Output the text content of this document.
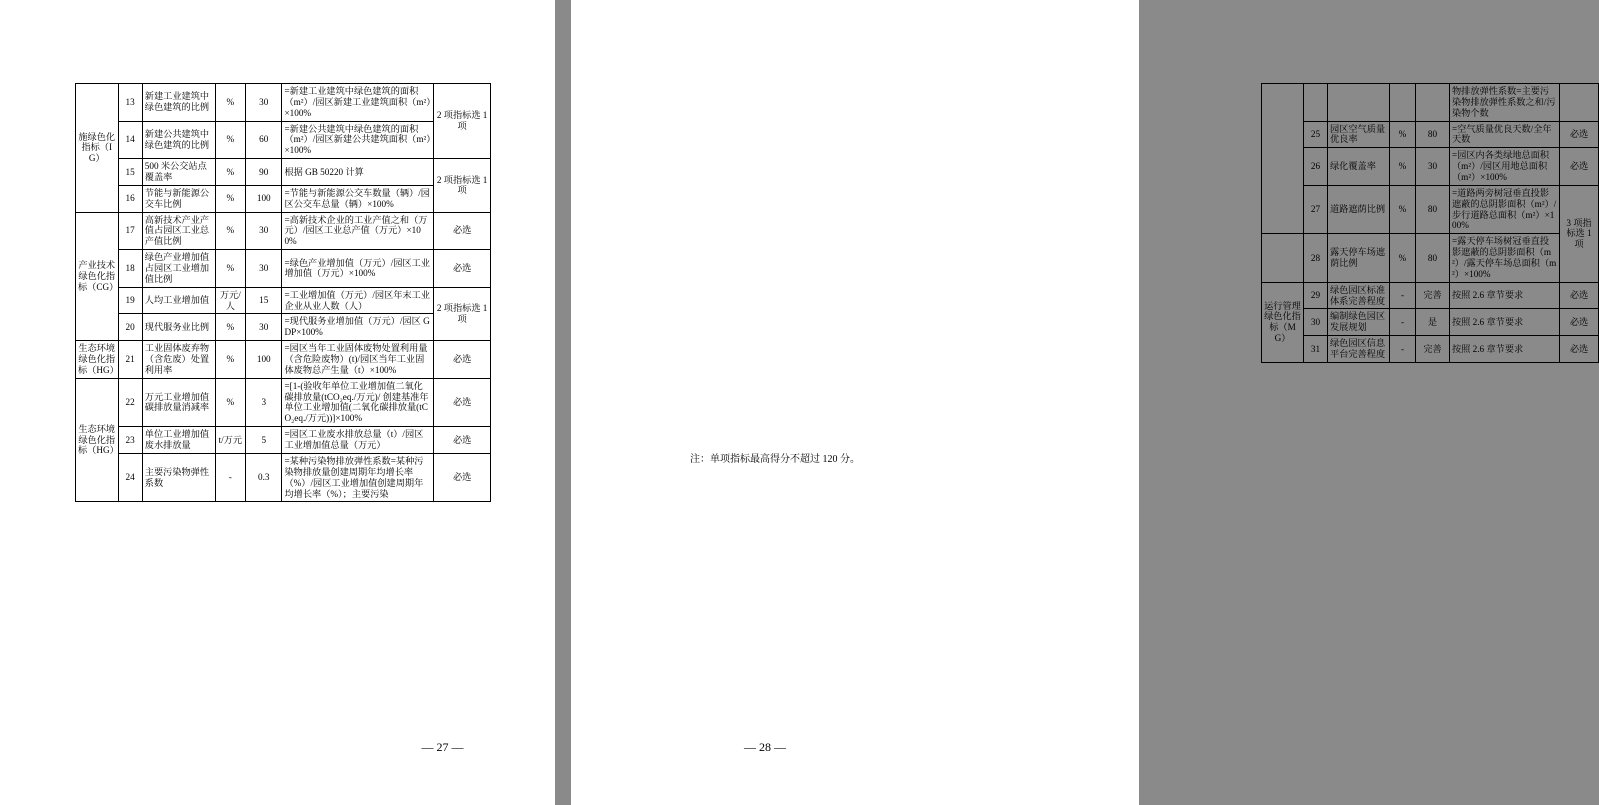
施绿色化指标（IG）	13	新建工业建筑中绿色建筑的比例	%	30	=新建工业建筑中绿色建筑的面积（m²）/园区新建工业建筑面积（m²）×100%	2 项指标选 1 项
	14	新建公共建筑中绿色建筑的比例	%	60	=新建公共建筑中绿色建筑的面积（m²）/园区新建公共建筑面积（m²）×100%	
	15	500 米公交站点覆盖率	%	90	根据 GB 50220 计算	2 项指标选 1 项
	16	节能与新能源公交车比例	%	100	=节能与新能源公交车数量（辆）/园区公交车总量（辆）×100%	
产业技术绿色化指标（CG）	17	高新技术产业产值占园区工业总产值比例	%	30	=高新技术企业的工业产值之和（万元）/园区工业总产值（万元）×100%	必选
	18	绿色产业增加值占园区工业增加值比例	%	30	=绿色产业增加值（万元）/园区工业增加值（万元）×100%	必选
	19	人均工业增加值	万元/人	15	=工业增加值（万元）/园区年末工业企业从业人数（人）	2 项指标选 1 项
	20	现代服务业比例	%	30	=现代服务业增加值（万元）/园区 GDP×100%	
生态环境绿色化指标（HG）	21	工业固体废弃物（含危废）处置利用率	%	100	=园区当年工业固体废物处置利用量（含危险废物）(t)/园区当年工业固体废物总产生量（t）×100%	必选
生态环境绿色化指标（HG）	22	万元工业增加值碳排放量消减率	%	3	=[1-(验收年单位工业增加值二氧化碳排放量(tCO₂eq./万元)/ 创建基准年单位工业增加值(二氧化碳排放量(tCO₂eq./万元))]×100%	必选
	23	单位工业增加值废水排放量	t/万元	5	=园区工业废水排放总量（t）/园区工业增加值总量（万元）	必选
	24	主要污染物弹性系数	-	0.3	=某种污染物排放弹性系数=某种污染物排放量创建周期年均增长率（%）/园区工业增加值创建周期年均增长率（%）；主要污染	必选
— 27 —
					物排放弹性系数=主要污染物排放弹性系数之和/污染物个数	
	25	园区空气质量优良率	%	80	=空气质量优良天数/全年天数	必选
	26	绿化覆盖率	%	30	=园区内各类绿地总面积（m²）/园区用地总面积（m²）×100%	必选
	27	道路遮荫比例	%	80	=道路两旁树冠垂直投影遮蔽的总阴影面积（m²）/步行道路总面积（m²）×100%	3 项指标选 1 项
	28	露天停车场遮荫比例	%	80	=露天停车场树冠垂直投影遮蔽的总阴影面积（m²）/露天停车场总面积（m²）×100%	
运行管理绿色化指标（MG）	29	绿色园区标准体系完善程度	-	完善	按照 2.6 章节要求	必选
	30	编制绿色园区发展规划	-	是	按照 2.6 章节要求	必选
	31	绿色园区信息平台完善程度	-	完善	按照 2.6 章节要求	必选
注：单项指标最高得分不超过 120 分。
— 28 —
